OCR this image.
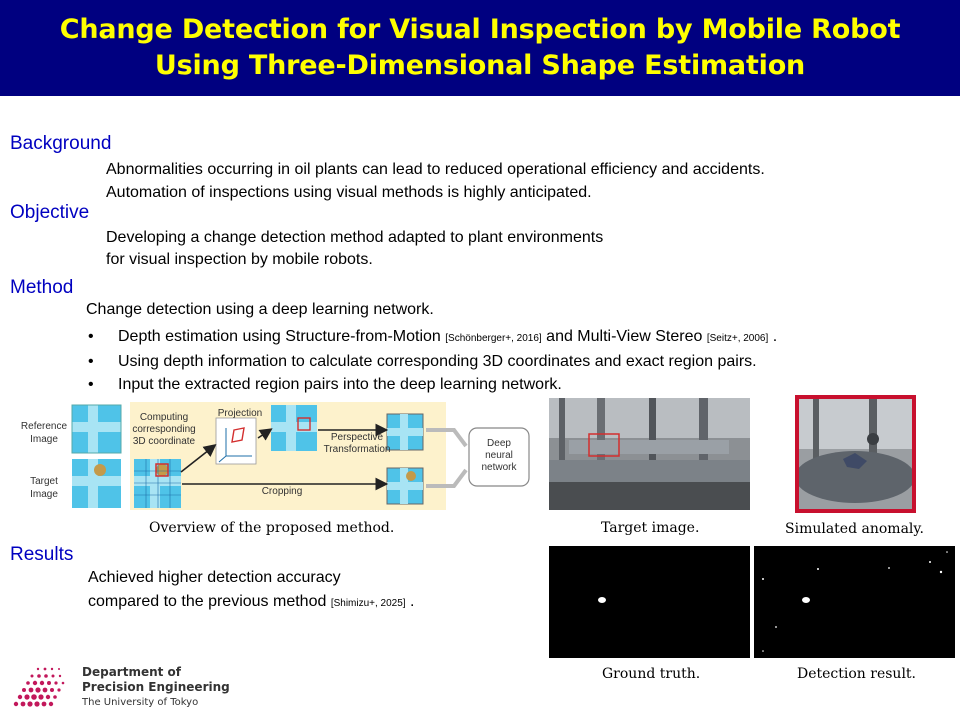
Change Detection for Visual Inspection by Mobile Robot
Using Three-Dimensional Shape Estimation
Background
Abnormalities occurring in oil plants can lead to reduced operational efficiency and accidents.
Automation of inspections using visual methods is highly anticipated.
Objective
Developing a change detection method adapted to plant environments
for visual inspection by mobile robots.
Method
Change detection using a deep learning network.
• Depth estimation using Structure-from-Motion [Schönberger+, 2016] and Multi-View Stereo [Seitz+, 2006] .
• Using depth information to calculate corresponding 3D coordinates and exact region pairs.
• Input the extracted region pairs into the deep learning network.
Reference Image
Target Image
Computing corresponding 3D coordinate
Projection
Perspective Transformation
Cropping
Deep neural network
Overview of the proposed method.	Target image.	Simulated anomaly.
Results
Achieved higher detection accuracy
compared to the previous method [Shimizu+, 2025] .
Ground truth.	Detection result.
Department of
Precision Engineering
The University of Tokyo
